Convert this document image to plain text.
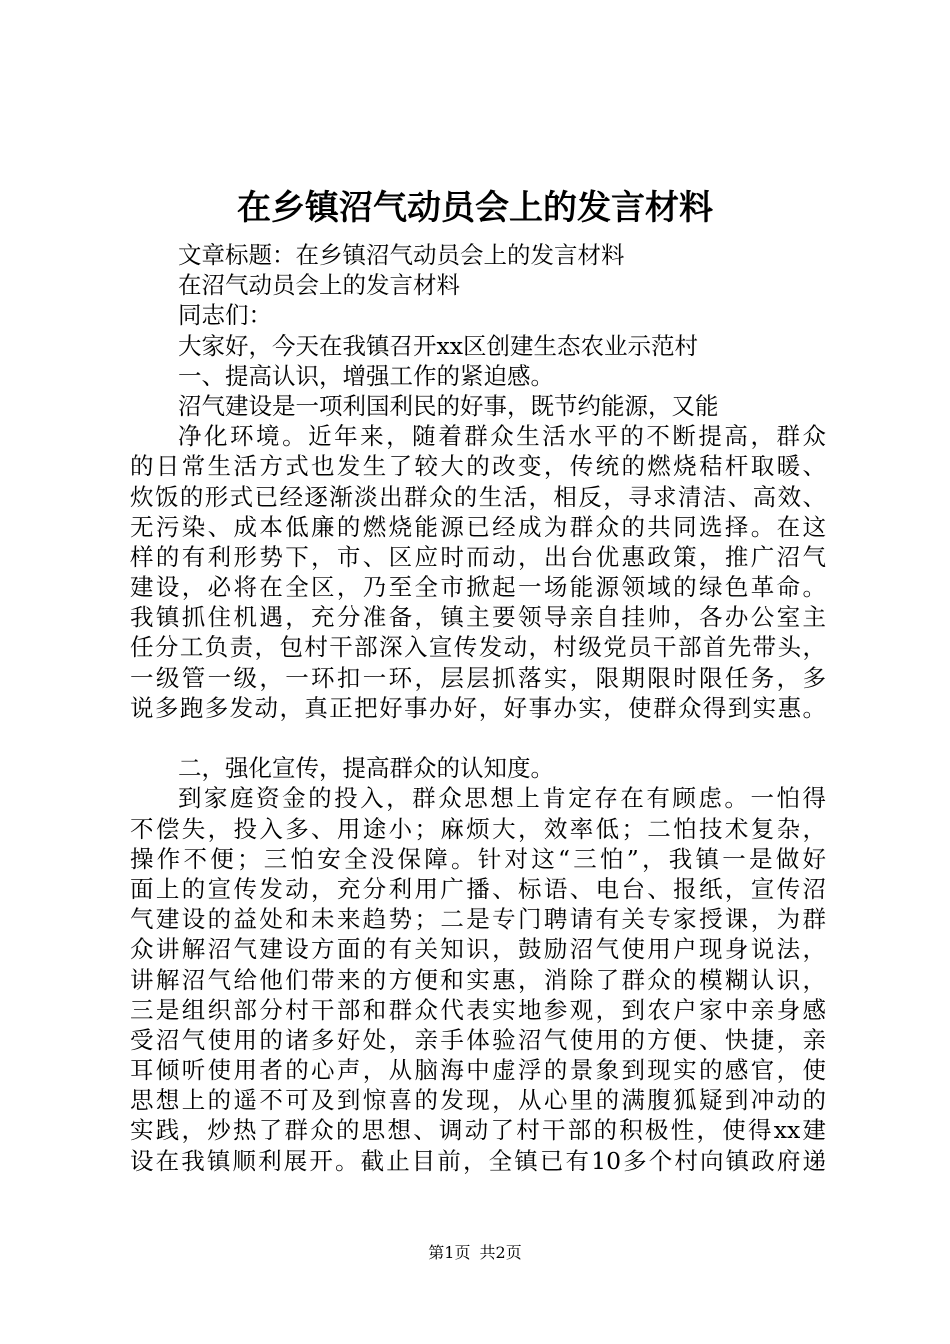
在乡镇沼气动员会上的发言材料
文章标题：在乡镇沼气动员会上的发言材料
在沼气动员会上的发言材料
同志们：
大家好，今天在我镇召开xx区创建生态农业示范村
一、提高认识，增强工作的紧迫感。
沼气建设是一项利国利民的好事，既节约能源，又能
净化环境。近年来，随着群众生活水平的不断提高，群众
的日常生活方式也发生了较大的改变，传统的燃烧秸杆取暖、
炊饭的形式已经逐渐淡出群众的生活，相反，寻求清洁、高效、
无污染、成本低廉的燃烧能源已经成为群众的共同选择。在这
样的有利形势下，市、区应时而动，出台优惠政策，推广沼气
建设，必将在全区，乃至全市掀起一场能源领域的绿色革命。
我镇抓住机遇，充分准备，镇主要领导亲自挂帅，各办公室主
任分工负责，包村干部深入宣传发动，村级党员干部首先带头，
一级管一级，一环扣一环，层层抓落实，限期限时限任务，多
说多跑多发动，真正把好事办好，好事办实，使群众得到实惠。
二，强化宣传，提高群众的认知度。
到家庭资金的投入，群众思想上肯定存在有顾虑。一怕得
不偿失，投入多、用途小；麻烦大，效率低；二怕技术复杂，
操作不便；三怕安全没保障。针对这“三怕”，我镇一是做好
面上的宣传发动，充分利用广播、标语、电台、报纸，宣传沼
气建设的益处和未来趋势；二是专门聘请有关专家授课，为群
众讲解沼气建设方面的有关知识，鼓励沼气使用户现身说法，
讲解沼气给他们带来的方便和实惠，消除了群众的模糊认识，
三是组织部分村干部和群众代表实地参观，到农户家中亲身感
受沼气使用的诸多好处，亲手体验沼气使用的方便、快捷，亲
耳倾听使用者的心声，从脑海中虚浮的景象到现实的感官，使
思想上的遥不可及到惊喜的发现，从心里的满腹狐疑到冲动的
实践，炒热了群众的思想、调动了村干部的积极性，使得xx建
设在我镇顺利展开。截止目前，全镇已有10多个村向镇政府递
第1页 共2页
